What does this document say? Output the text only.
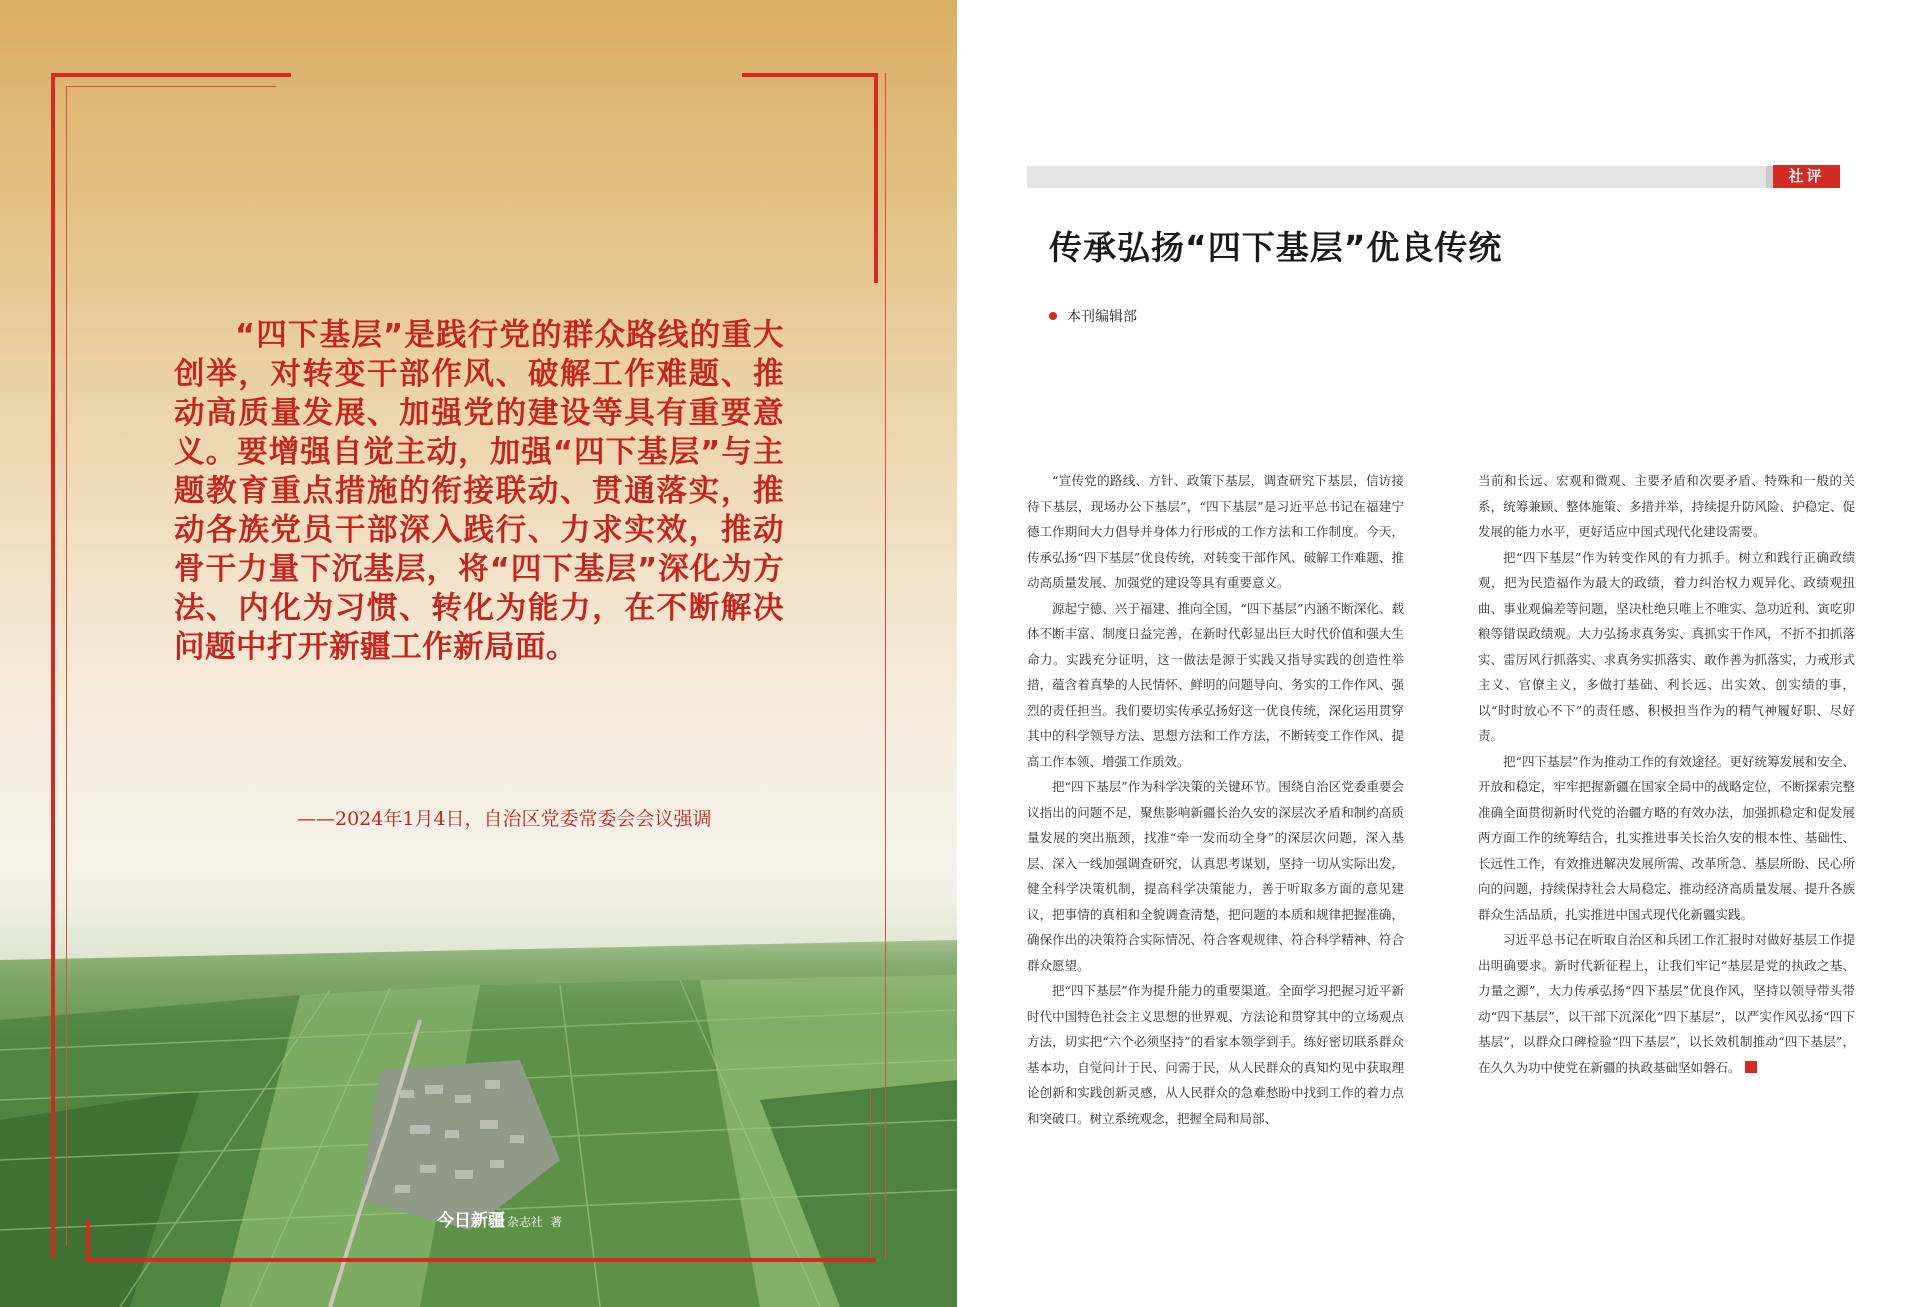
“四下基层”是践行党的群众路线的重大创举，对转变干部作风、破解工作难题、推动高质量发展、加强党的建设等具有重要意义。要增强自觉主动，加强“四下基层”与主题教育重点措施的衔接联动、贯通落实，推动各族党员干部深入践行、力求实效，推动骨干力量下沉基层，将“四下基层”深化为方法、内化为习惯、转化为能力，在不断解决问题中打开新疆工作新局面。

——2024年1月4日，自治区党委常委会会议强调

今日新疆 杂志社 著
社评
传承弘扬“四下基层”优良传统
本刊编辑部

“宣传党的路线、方针、政策下基层，调查研究下基层，信访接待下基层，现场办公下基层”，“四下基层”是习近平总书记在福建宁德工作期间大力倡导并身体力行形成的工作方法和工作制度。今天，传承弘扬“四下基层”优良传统，对转变干部作风、破解工作难题、推动高质量发展、加强党的建设等具有重要意义。

源起宁德、兴于福建、推向全国，“四下基层”内涵不断深化、载体不断丰富、制度日益完善，在新时代彰显出巨大时代价值和强大生命力。实践充分证明，这一做法是源于实践又指导实践的创造性举措，蕴含着真挚的人民情怀、鲜明的问题导向、务实的工作作风、强烈的责任担当。我们要切实传承弘扬好这一优良传统，深化运用贯穿其中的科学领导方法、思想方法和工作方法，不断转变工作作风、提高工作本领、增强工作质效。

把“四下基层”作为科学决策的关键环节。围绕自治区党委重要会议指出的问题不足，聚焦影响新疆长治久安的深层次矛盾和制约高质量发展的突出瓶颈，找准“牵一发而动全身”的深层次问题，深入基层、深入一线加强调查研究，认真思考谋划，坚持一切从实际出发，健全科学决策机制，提高科学决策能力，善于听取多方面的意见建议，把事情的真相和全貌调查清楚，把问题的本质和规律把握准确，确保作出的决策符合实际情况、符合客观规律、符合科学精神、符合群众愿望。

把“四下基层”作为提升能力的重要渠道。全面学习把握习近平新时代中国特色社会主义思想的世界观、方法论和贯穿其中的立场观点方法，切实把“六个必须坚持”的看家本领学到手。练好密切联系群众基本功，自觉问计于民、问需于民，从人民群众的真知灼见中获取理论创新和实践创新灵感，从人民群众的急难愁盼中找到工作的着力点和突破口。树立系统观念，把握全局和局部、

当前和长远、宏观和微观、主要矛盾和次要矛盾、特殊和一般的关系，统筹兼顾、整体施策、多措并举，持续提升防风险、护稳定、促发展的能力水平，更好适应中国式现代化建设需要。

把“四下基层”作为转变作风的有力抓手。树立和践行正确政绩观，把为民造福作为最大的政绩，着力纠治权力观异化、政绩观扭曲、事业观偏差等问题，坚决杜绝只唯上不唯实、急功近利、寅吃卯粮等错误政绩观。大力弘扬求真务实、真抓实干作风，不折不扣抓落实、雷厉风行抓落实、求真务实抓落实、敢作善为抓落实，力戒形式主义、官僚主义，多做打基础、利长远、出实效、创实绩的事，以“时时放心不下”的责任感、积极担当作为的精气神履好职、尽好责。

把“四下基层”作为推动工作的有效途径。更好统筹发展和安全、开放和稳定，牢牢把握新疆在国家全局中的战略定位，不断探索完整准确全面贯彻新时代党的治疆方略的有效办法，加强抓稳定和促发展两方面工作的统筹结合，扎实推进事关长治久安的根本性、基础性、长远性工作，有效推进解决发展所需、改革所急、基层所盼、民心所向的问题，持续保持社会大局稳定、推动经济高质量发展、提升各族群众生活品质，扎实推进中国式现代化新疆实践。

习近平总书记在听取自治区和兵团工作汇报时对做好基层工作提出明确要求。新时代新征程上，让我们牢记“基层是党的执政之基、力量之源”，大力传承弘扬“四下基层”优良作风，坚持以领导带头带动“四下基层”，以干部下沉深化“四下基层”，以严实作风弘扬“四下基层”，以群众口碑检验“四下基层”，以长效机制推动“四下基层”，在久久为功中使党在新疆的执政基础坚如磐石。
